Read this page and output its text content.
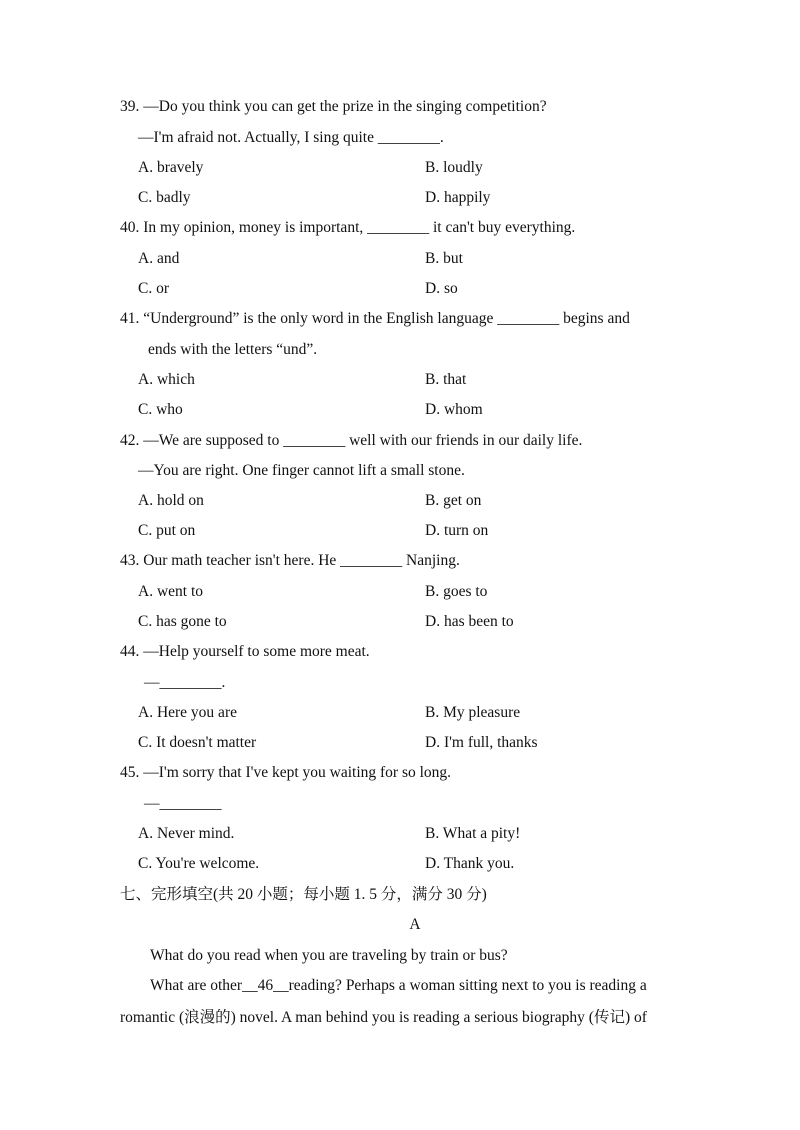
39. —Do you think you can get the prize in the singing competition?
—I'm afraid not. Actually, I sing quite ________.
A. bravely	B. loudly
C. badly	D. happily
40. In my opinion, money is important, ________ it can't buy everything.
A. and	B. but
C. or	D. so
41. “Underground” is the only word in the English language ________ begins and
ends with the letters “und”.
A. which	B. that
C. who	D. whom
42. —We are supposed to ________ well with our friends in our daily life.
—You are right. One finger cannot lift a small stone.
A. hold on	B. get on
C. put on	D. turn on
43. Our math teacher isn't here. He ________ Nanjing.
A. went to	B. goes to
C. has gone to	D. has been to
44. —Help yourself to some more meat.
—________.
A. Here you are	B. My pleasure
C. It doesn't matter	D. I'm full, thanks
45. —I'm sorry that I've kept you waiting for so long.
—________
A. Never mind.	B. What a pity!
C. You're welcome.	D. Thank you.
七、完形填空(共 20 小题；每小题 1. 5 分，满分 30 分)
A
What do you read when you are traveling by train or bus?
What are other__46__reading? Perhaps a woman sitting next to you is reading a
romantic (浪漫的) novel. A man behind you is reading a serious biography (传记) of
